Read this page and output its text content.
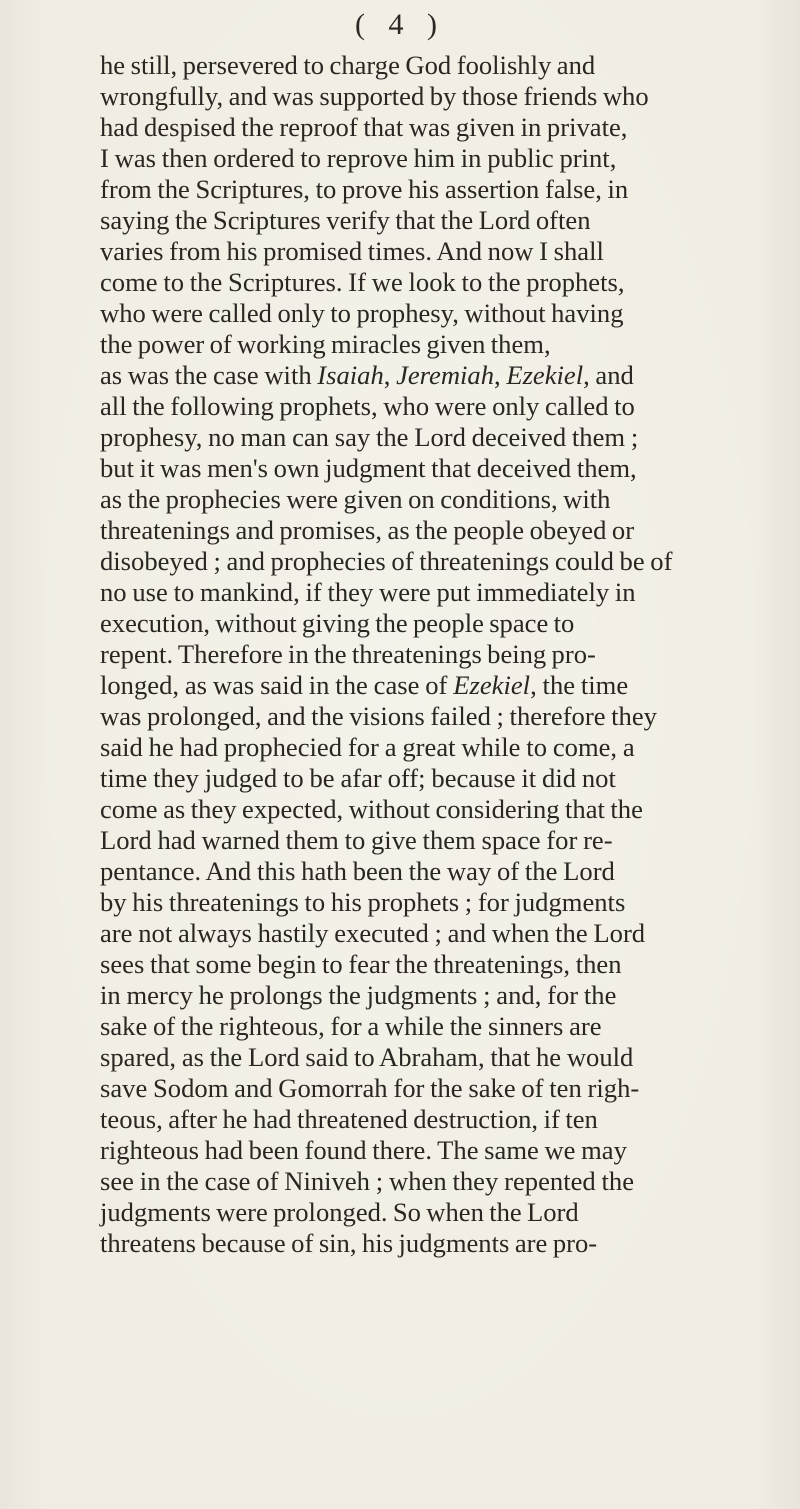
( 4 )
he still, persevered to charge God foolishly and
wrongfully, and was supported by those friends who
had despised the reproof that was given in private,
I was then ordered to reprove him in public print,
from the Scriptures, to prove his assertion false, in
saying the Scriptures verify that the Lord often
varies from his promised times. And now I shall
come to the Scriptures. If we look to the prophets,
who were called only to prophesy, without having
the power of working miracles given them,
as was the case with Isaiah, Jeremiah, Ezekiel, and
all the following prophets, who were only called to
prophesy, no man can say the Lord deceived them ;
but it was men's own judgment that deceived them,
as the prophecies were given on conditions, with
threatenings and promises, as the people obeyed or
disobeyed ; and prophecies of threatenings could be of
no use to mankind, if they were put immediately in
execution, without giving the people space to
repent. Therefore in the threatenings being pro-
longed, as was said in the case of Ezekiel, the time
was prolonged, and the visions failed ; therefore they
said he had prophecied for a great while to come, a
time they judged to be afar off; because it did not
come as they expected, without considering that the
Lord had warned them to give them space for re-
pentance. And this hath been the way of the Lord
by his threatenings to his prophets ; for judgments
are not always hastily executed ; and when the Lord
sees that some begin to fear the threatenings, then
in mercy he prolongs the judgments ; and, for the
sake of the righteous, for a while the sinners are
spared, as the Lord said to Abraham, that he would
save Sodom and Gomorrah for the sake of ten righ-
teous, after he had threatened destruction, if ten
righteous had been found there. The same we may
see in the case of Niniveh ; when they repented the
judgments were prolonged. So when the Lord
threatens because of sin, his judgments are pro-
